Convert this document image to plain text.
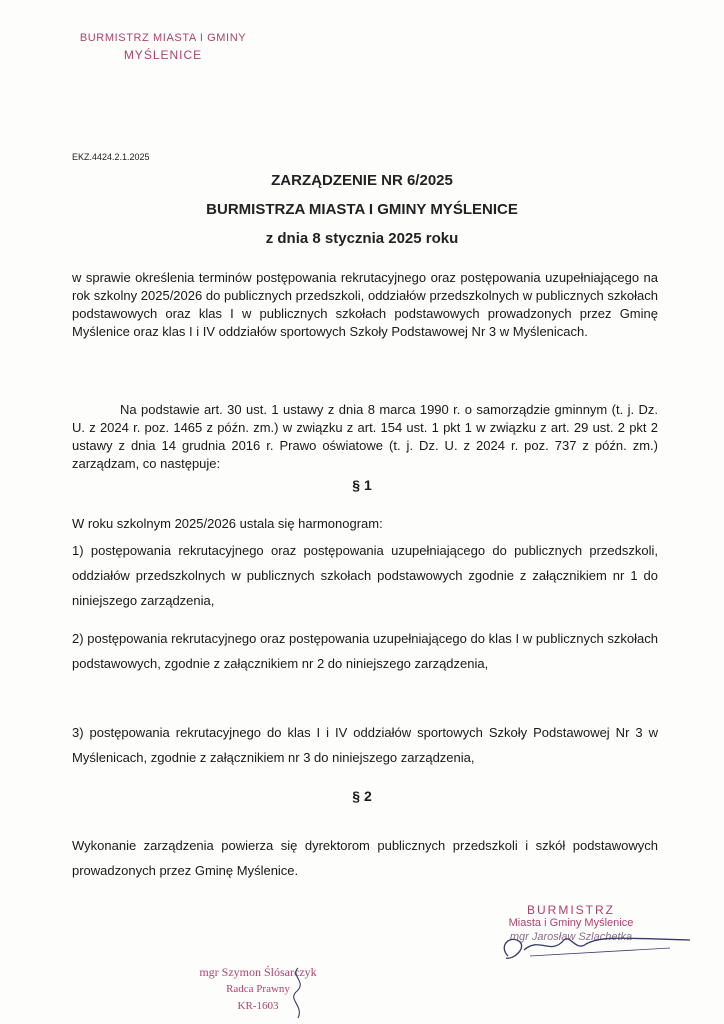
BURMISTRZ MIASTA I GMINY
MYŚLENICE
EKZ.4424.2.1.2025
ZARZĄDZENIE NR 6/2025
BURMISTRZA MIASTA I GMINY MYŚLENICE
z dnia 8 stycznia 2025 roku
w sprawie określenia terminów postępowania rekrutacyjnego oraz postępowania uzupełniającego na rok szkolny 2025/2026 do publicznych przedszkoli, oddziałów przedszkolnych w publicznych szkołach podstawowych oraz klas I w publicznych szkołach podstawowych prowadzonych przez Gminę Myślenice oraz klas I i IV oddziałów sportowych Szkoły Podstawowej Nr 3 w Myślenicach.
Na podstawie art. 30 ust. 1 ustawy z dnia 8 marca 1990 r. o samorządzie gminnym (t. j. Dz. U. z 2024 r. poz. 1465 z późn. zm.) w związku z art. 154 ust. 1 pkt 1 w związku z art. 29 ust. 2 pkt 2 ustawy z dnia 14 grudnia 2016 r. Prawo oświatowe (t. j. Dz. U. z 2024 r. poz. 737 z późn. zm.) zarządzam, co następuje:
§ 1
W roku szkolnym 2025/2026 ustala się harmonogram:
1) postępowania rekrutacyjnego oraz postępowania uzupełniającego do publicznych przedszkoli, oddziałów przedszkolnych w publicznych szkołach podstawowych zgodnie z załącznikiem nr 1 do niniejszego zarządzenia,
2) postępowania rekrutacyjnego oraz postępowania uzupełniającego do klas I w publicznych szkołach podstawowych, zgodnie z załącznikiem nr 2 do niniejszego zarządzenia,
3) postępowania rekrutacyjnego do klas I i IV oddziałów sportowych Szkoły Podstawowej Nr 3 w Myślenicach, zgodnie z załącznikiem nr 3 do niniejszego zarządzenia,
§ 2
Wykonanie zarządzenia powierza się dyrektorom publicznych przedszkoli i szkół podstawowych prowadzonych przez Gminę Myślenice.
BURMISTRZ
Miasta i Gminy Myślenice
mgr Jarosław Szlachetka
mgr Szymon Ślósarczyk
Radca Prawny
KR-1603
